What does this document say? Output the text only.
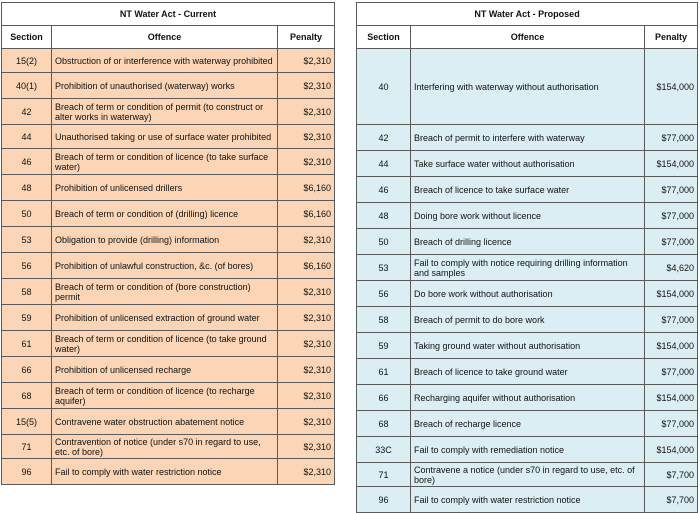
NT Water Act - Current		
Section	Offence	Penalty
15(2)	Obstruction of or interference with waterway prohibited	$2,310
40(1)	Prohibition of unauthorised (waterway) works	$2,310
42	Breach of term or condition of permit (to construct or alter works in waterway)	$2,310
44	Unauthorised taking or use of surface water prohibited	$2,310
46	Breach of term or condition of licence (to take surface water)	$2,310
48	Prohibition of unlicensed drillers	$6,160
50	Breach of term or condition of (drilling) licence	$6,160
53	Obligation to provide (drilling) information	$2,310
56	Prohibition of unlawful construction, &c. (of bores)	$6,160
58	Breach of term or condition of (bore construction) permit	$2,310
59	Prohibition of unlicensed extraction of ground water	$2,310
61	Breach of term or condition of licence (to take ground water)	$2,310
66	Prohibition of unlicensed recharge	$2,310
68	Breach of term or condition of licence (to recharge aquifer)	$2,310
15(5)	Contravene water obstruction abatement notice	$2,310
71	Contravention of notice (under s70 in regard to use, etc. of bore)	$2,310
96	Fail to comply with water restriction notice	$2,310
NT Water Act - Proposed		
Section	Offence	Penalty
40	Interfering with waterway without authorisation	$154,000
42	Breach of permit to interfere with waterway	$77,000
44	Take surface water without authorisation	$154,000
46	Breach of licence to take surface water	$77,000
48	Doing bore work without licence	$77,000
50	Breach of drilling licence	$77,000
53	Fail to comply with notice requiring drilling information and samples	$4,620
56	Do bore work without authorisation	$154,000
58	Breach of permit to do bore work	$77,000
59	Taking ground water without authorisation	$154,000
61	Breach of licence to take ground water	$77,000
66	Recharging aquifer without authorisation	$154,000
68	Breach of recharge licence	$77,000
33C	Fail to comply with remediation notice	$154,000
71	Contravene a notice (under s70 in regard to use, etc. of bore)	$7,700
96	Fail to comply with water restriction notice	$7,700
